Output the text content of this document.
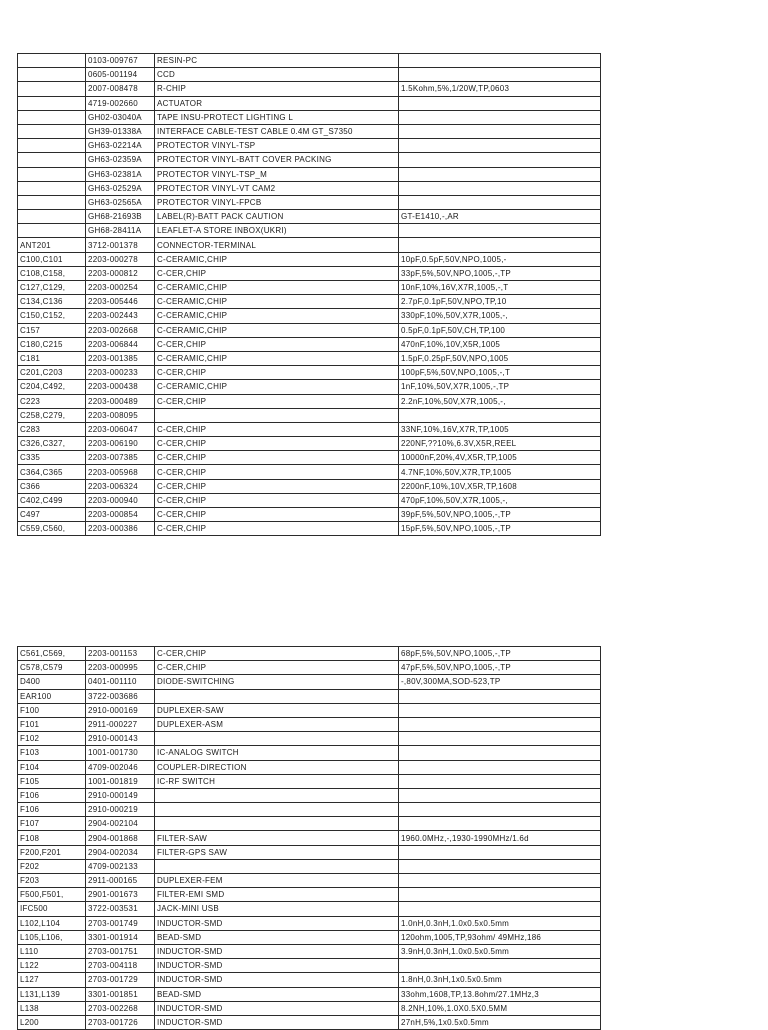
	0103-009767	RESIN-PC	
	0605-001194	CCD	
	2007-008478	R-CHIP	1.5Kohm,5%,1/20W,TP,0603
	4719-002660	ACTUATOR	
	GH02-03040A	TAPE INSU-PROTECT LIGHTING L	
	GH39-01338A	INTERFACE CABLE-TEST CABLE 0.4M GT_S7350	
	GH63-02214A	PROTECTOR VINYL-TSP	
	GH63-02359A	PROTECTOR VINYL-BATT COVER PACKING	
	GH63-02381A	PROTECTOR VINYL-TSP_M	
	GH63-02529A	PROTECTOR VINYL-VT CAM2	
	GH63-02565A	PROTECTOR VINYL-FPCB	
	GH68-21693B	LABEL(R)-BATT PACK CAUTION	GT-E1410,-,AR
	GH68-28411A	LEAFLET-A STORE INBOX(UKRI)	
ANT201	3712-001378	CONNECTOR-TERMINAL	
C100,C101	2203-000278	C-CERAMIC,CHIP	10pF,0.5pF,50V,NPO,1005,-
C108,C158,	2203-000812	C-CER,CHIP	33pF,5%,50V,NPO,1005,-,TP
C127,C129,	2203-000254	C-CERAMIC,CHIP	10nF,10%,16V,X7R,1005,-,T
C134,C136	2203-005446	C-CERAMIC,CHIP	2.7pF,0.1pF,50V,NPO,TP,10
C150,C152,	2203-002443	C-CERAMIC,CHIP	330pF,10%,50V,X7R,1005,-,
C157	2203-002668	C-CERAMIC,CHIP	0.5pF,0.1pF,50V,CH,TP,100
C180,C215	2203-006844	C-CER,CHIP	470nF,10%,10V,X5R,1005
C181	2203-001385	C-CERAMIC,CHIP	1.5pF,0.25pF,50V,NPO,1005
C201,C203	2203-000233	C-CER,CHIP	100pF,5%,50V,NPO,1005,-,T
C204,C492,	2203-000438	C-CERAMIC,CHIP	1nF,10%,50V,X7R,1005,-,TP
C223	2203-000489	C-CER,CHIP	2.2nF,10%,50V,X7R,1005,-,
C258,C279,	2203-008095		
C283	2203-006047	C-CER,CHIP	33NF,10%,16V,X7R,TP,1005
C326,C327,	2203-006190	C-CER,CHIP	220NF,??10%,6.3V,X5R,REEL
C335	2203-007385	C-CER,CHIP	10000nF,20%,4V,X5R,TP,1005
C364,C365	2203-005968	C-CER,CHIP	4.7NF,10%,50V,X7R,TP,1005
C366	2203-006324	C-CER,CHIP	2200nF,10%,10V,X5R,TP,1608
C402,C499	2203-000940	C-CER,CHIP	470pF,10%,50V,X7R,1005,-,
C497	2203-000854	C-CER,CHIP	39pF,5%,50V,NPO,1005,-,TP
C559,C560,	2203-000386	C-CER,CHIP	15pF,5%,50V,NPO,1005,-,TP
C561,C569,	2203-001153	C-CER,CHIP	68pF,5%,50V,NPO,1005,-,TP
C578,C579	2203-000995	C-CER,CHIP	47pF,5%,50V,NPO,1005,-,TP
D400	0401-001110	DIODE-SWITCHING	-,80V,300MA,SOD-523,TP
EAR100	3722-003686		
F100	2910-000169	DUPLEXER-SAW	
F101	2911-000227	DUPLEXER-ASM	
F102	2910-000143		
F103	1001-001730	IC-ANALOG SWITCH	
F104	4709-002046	COUPLER-DIRECTION	
F105	1001-001819	IC-RF SWITCH	
F106	2910-000149		
F106	2910-000219		
F107	2904-002104		
F108	2904-001868	FILTER-SAW	1960.0MHz,-,1930-1990MHz/1.6d
F200,F201	2904-002034	FILTER-GPS SAW	
F202	4709-002133		
F203	2911-000165	DUPLEXER-FEM	
F500,F501,	2901-001673	FILTER-EMI SMD	
IFC500	3722-003531	JACK-MINI USB	
L102,L104	2703-001749	INDUCTOR-SMD	1.0nH,0.3nH,1.0x0.5x0.5mm
L105,L106,	3301-001914	BEAD-SMD	120ohm,1005,TP,93ohm/ 49MHz,186
L110	2703-001751	INDUCTOR-SMD	3.9nH,0.3nH,1.0x0.5x0.5mm
L122	2703-004118	INDUCTOR-SMD	
L127	2703-001729	INDUCTOR-SMD	1.8nH,0.3nH,1x0.5x0.5mm
L131,L139	3301-001851	BEAD-SMD	33ohm,1608,TP,13.8ohm/27.1MHz,3
L138	2703-002268	INDUCTOR-SMD	8.2NH,10%,1.0X0.5X0.5MM
L200	2703-001726	INDUCTOR-SMD	27nH,5%,1x0.5x0.5mm
